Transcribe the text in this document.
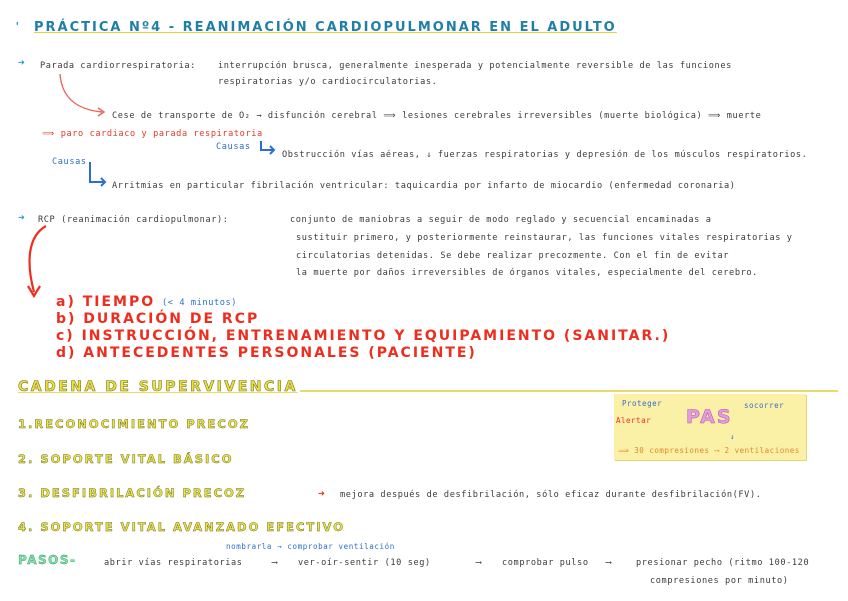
' PRÁCTICA Nº4 - REANIMACIÓN CARDIOPULMONAR EN EL ADULTO
➜ Parada cardiorrespiratoria:	interrupción brusca, generalmente inesperada y potencialmente reversible de las funciones
respiratorias y/o cardiocirculatorias.
Cese de transporte de O₂ → disfunción cerebral ⟹ lesiones cerebrales irreversibles (muerte biológica) ⟹ muerte
⟹ paro cardiaco y parada respiratoria
Causas
Obstrucción vías aéreas, ↓ fuerzas respiratorias y depresión de los músculos respiratorios.
Causas
Arritmias en particular fibrilación ventricular: taquicardia por infarto de miocardio (enfermedad coronaria)
➜ RCP (reanimación cardiopulmonar):	conjunto de maniobras a seguir de modo reglado y secuencial encaminadas a
sustituir primero, y posteriormente reinstaurar, las funciones vitales respiratorias y
circulatorias detenidas. Se debe realizar precozmente. Con el fin de evitar
la muerte por daños irreversibles de órganos vitales, especialmente del cerebro.
a) TIEMPO (< 4 minutos)
b) DURACIÓN DE RCP
c) INSTRUCCIÓN, ENTRENAMIENTO Y EQUIPAMIENTO (SANITAR.)
d) ANTECEDENTES PERSONALES (PACIENTE)
CADENA DE SUPERVIVENCIA
1.RECONOCIMIENTO PRECOZ
2. SOPORTE VITAL BÁSICO
3. DESFIBRILACIÓN PRECOZ	➜ mejora después de desfibrilación, sólo eficaz durante desfibrilación(FV).
4. SOPORTE VITAL AVANZADO EFECTIVO
Proteger
Alertar PAS
socorrer
↓
⟹ 30 compresiones ⟶ 2 ventilaciones
nombrarla → comprobar ventilación
PASOS-	abrir vías respiratorias	⟶ ver-oír-sentir (10 seg)	⟶ comprobar pulso ⟶	presionar pecho (ritmo 100-120
compresiones por minuto)
